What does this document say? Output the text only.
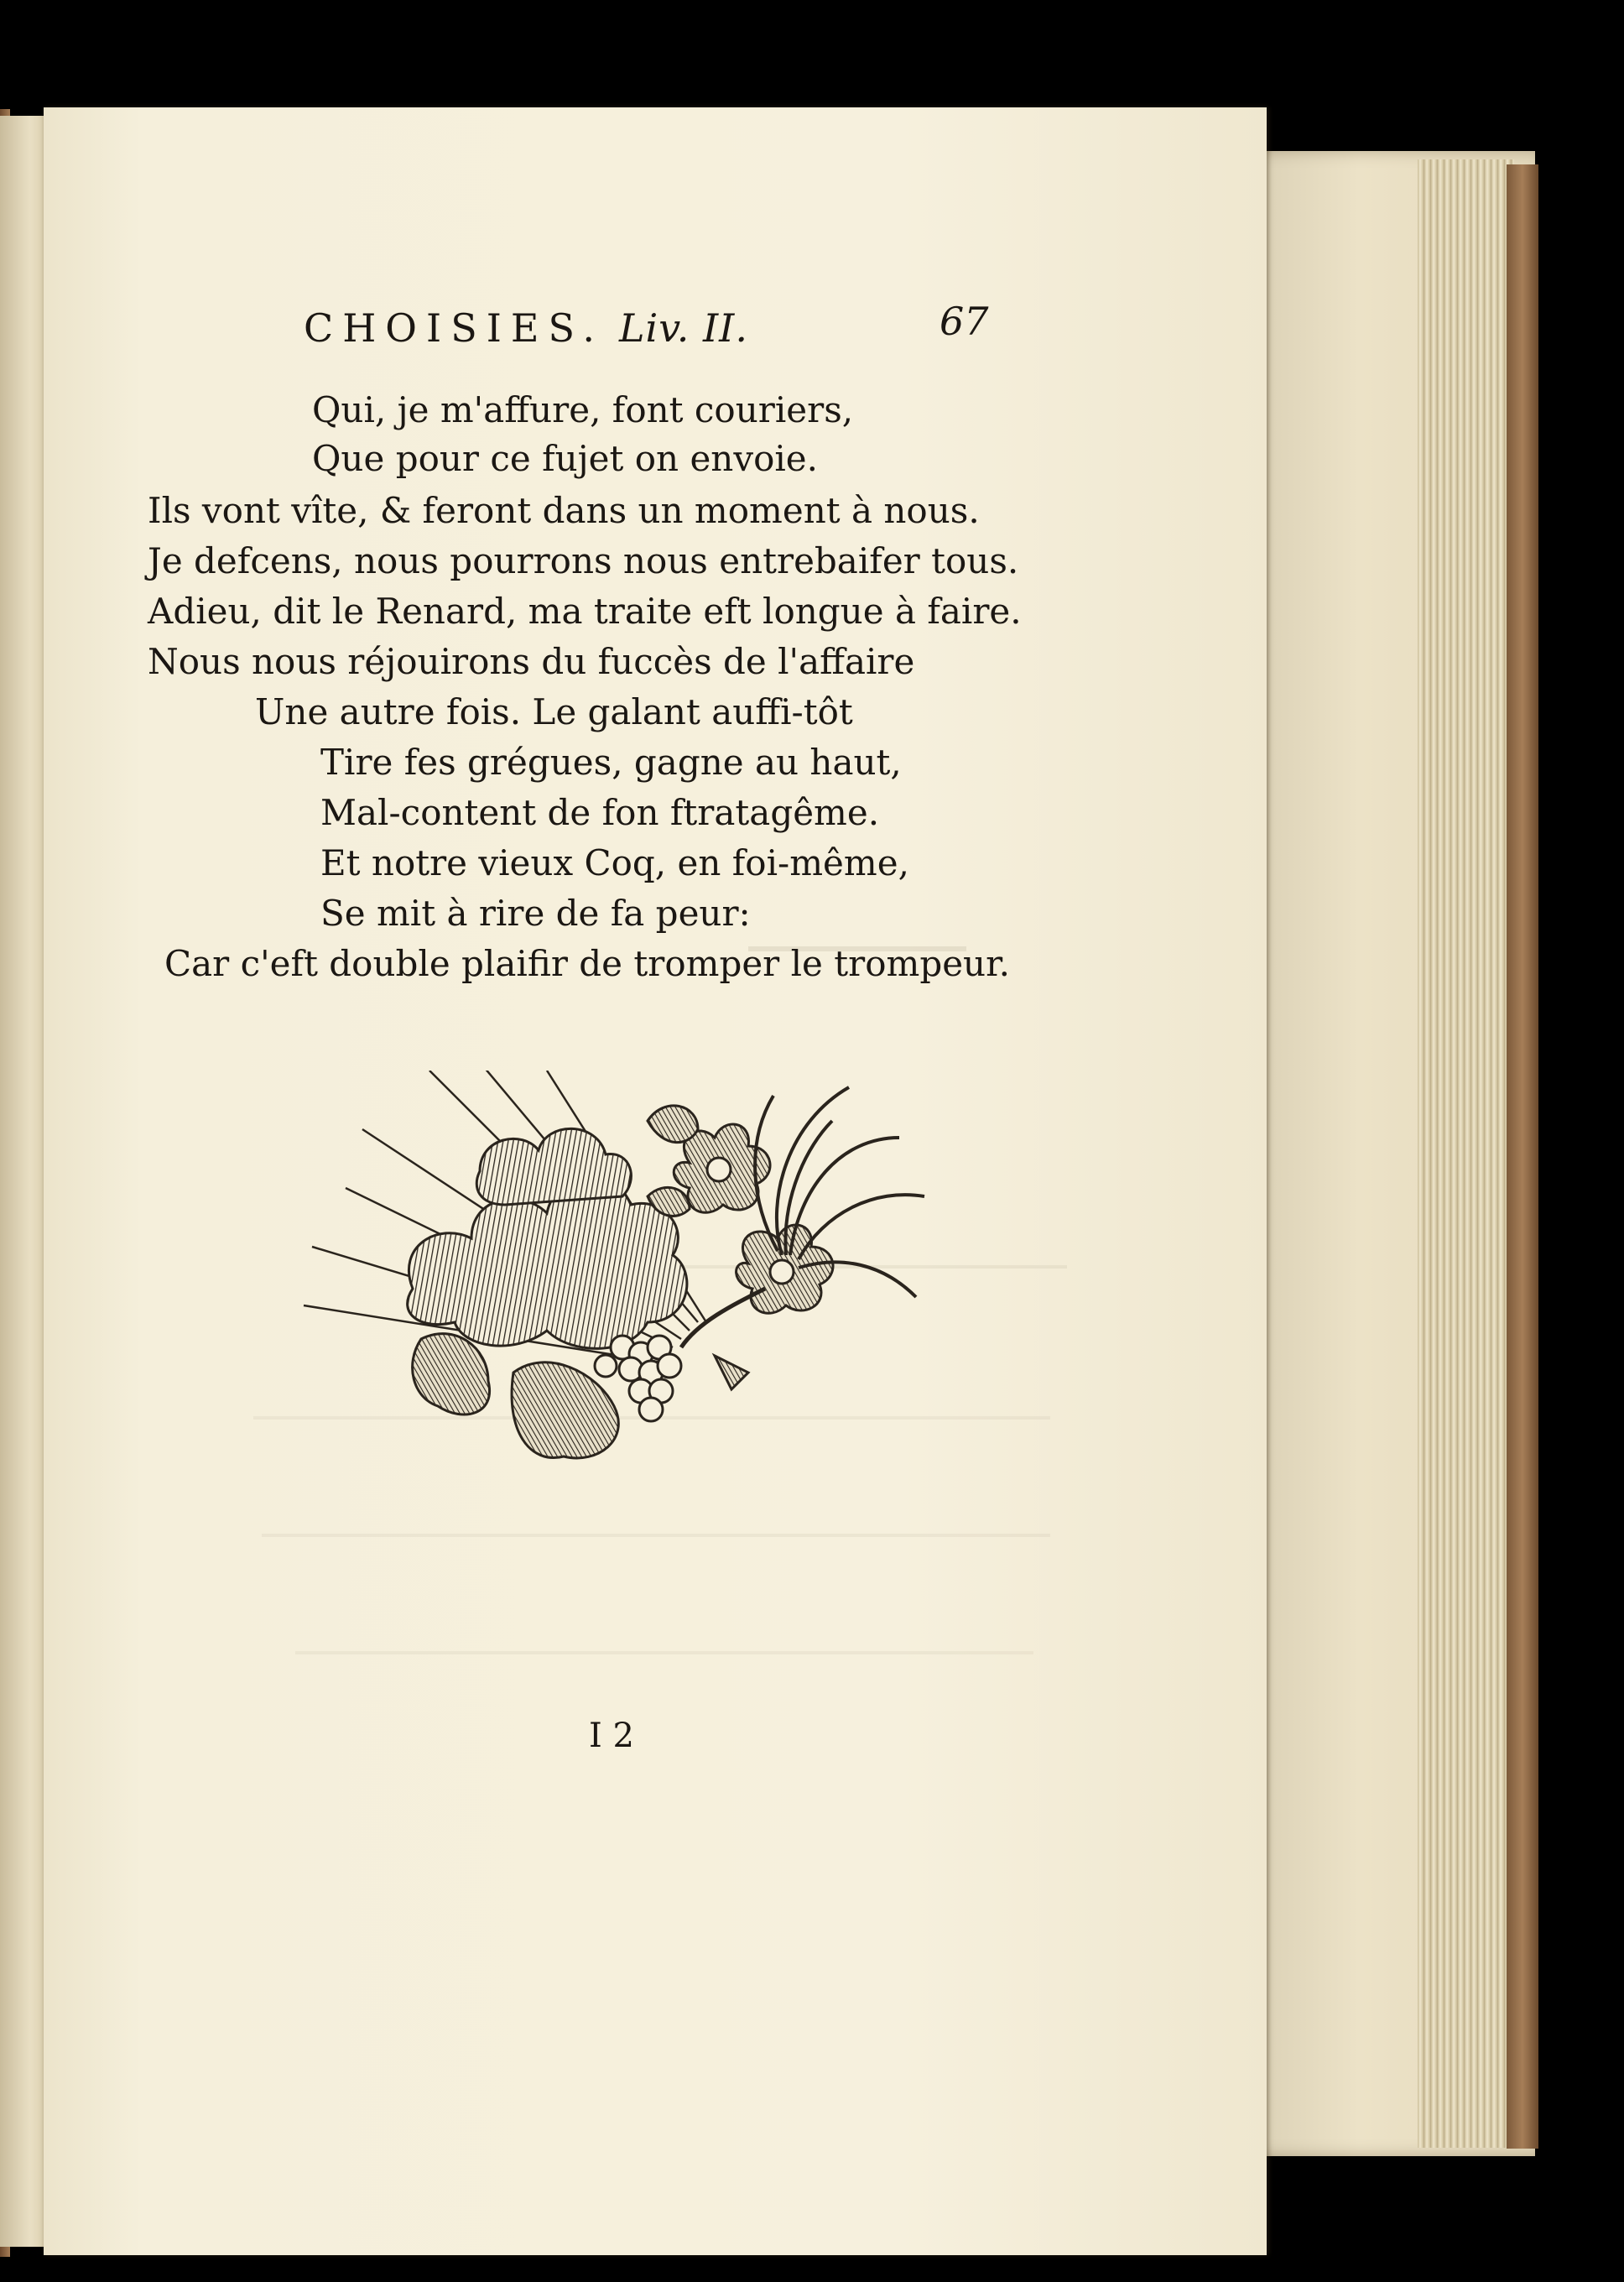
CHOISIES. Liv. II.	67
Qui, je m'affure, font couriers,
Que pour ce fujet on envoie.
Ils vont vîte, & feront dans un moment à nous.
Je defcens, nous pourrons nous entrebaifer tous.
Adieu, dit le Renard, ma traite eft longue à faire.
Nous nous réjouirons du fuccès de l'affaire
Une autre fois. Le galant auffi-tôt
Tire fes grégues, gagne au haut,
Mal-content de fon ftratagême.
Et notre vieux Coq, en foi-même,
Se mit à rire de fa peur:
Car c'eft double plaifir de tromper le trompeur.
I 2
